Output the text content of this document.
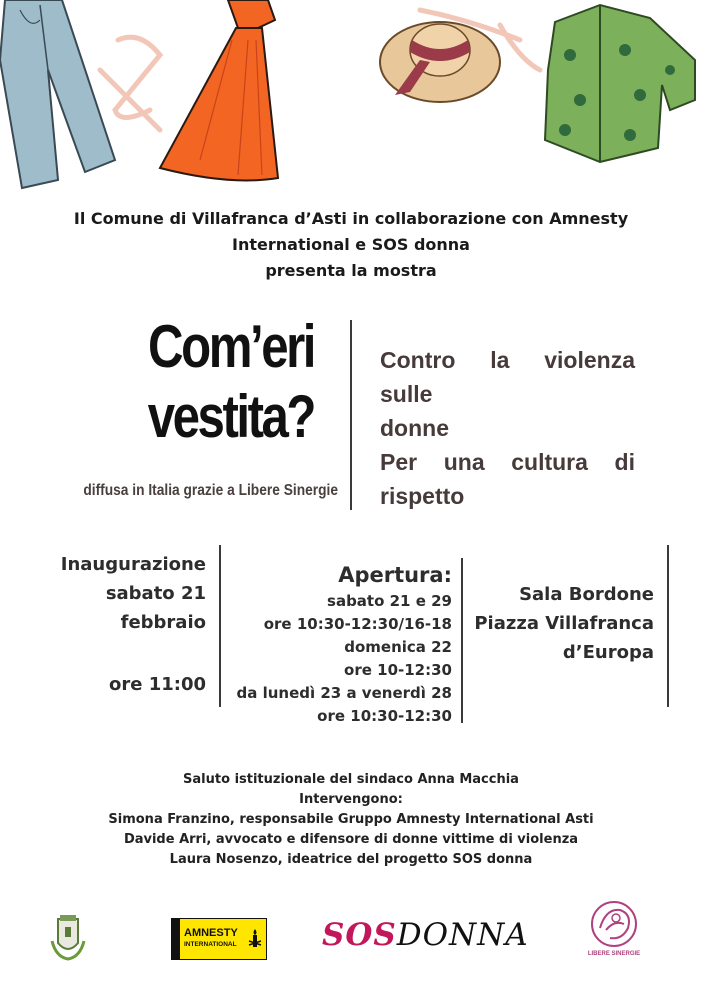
Il Comune di Villafranca d’Asti in collaborazione con Amnesty
International e SOS donna
presenta la mostra
Com’eri
vestita?
diffusa in Italia grazie a Libere Sinergie
Contro la violenza sulle
donne
Per una cultura di
rispetto
Inaugurazione
sabato 21
febbraio
ore 11:00
Apertura:
sabato 21 e 29
ore 10:30-12:30/16-18
domenica 22
ore 10-12:30
da lunedì 23 a venerdì 28
ore 10:30-12:30
Sala Bordone
Piazza Villafranca
d’Europa
Saluto istituzionale del sindaco Anna Macchia
Intervengono:
Simona Franzino, responsabile Gruppo Amnesty International Asti
Davide Arri, avvocato e difensore di donne vittime di violenza
Laura Nosenzo, ideatrice del progetto SOS donna
AMNESTY
INTERNATIONAL	SOSDONNA
LIBERE SINERGIE
